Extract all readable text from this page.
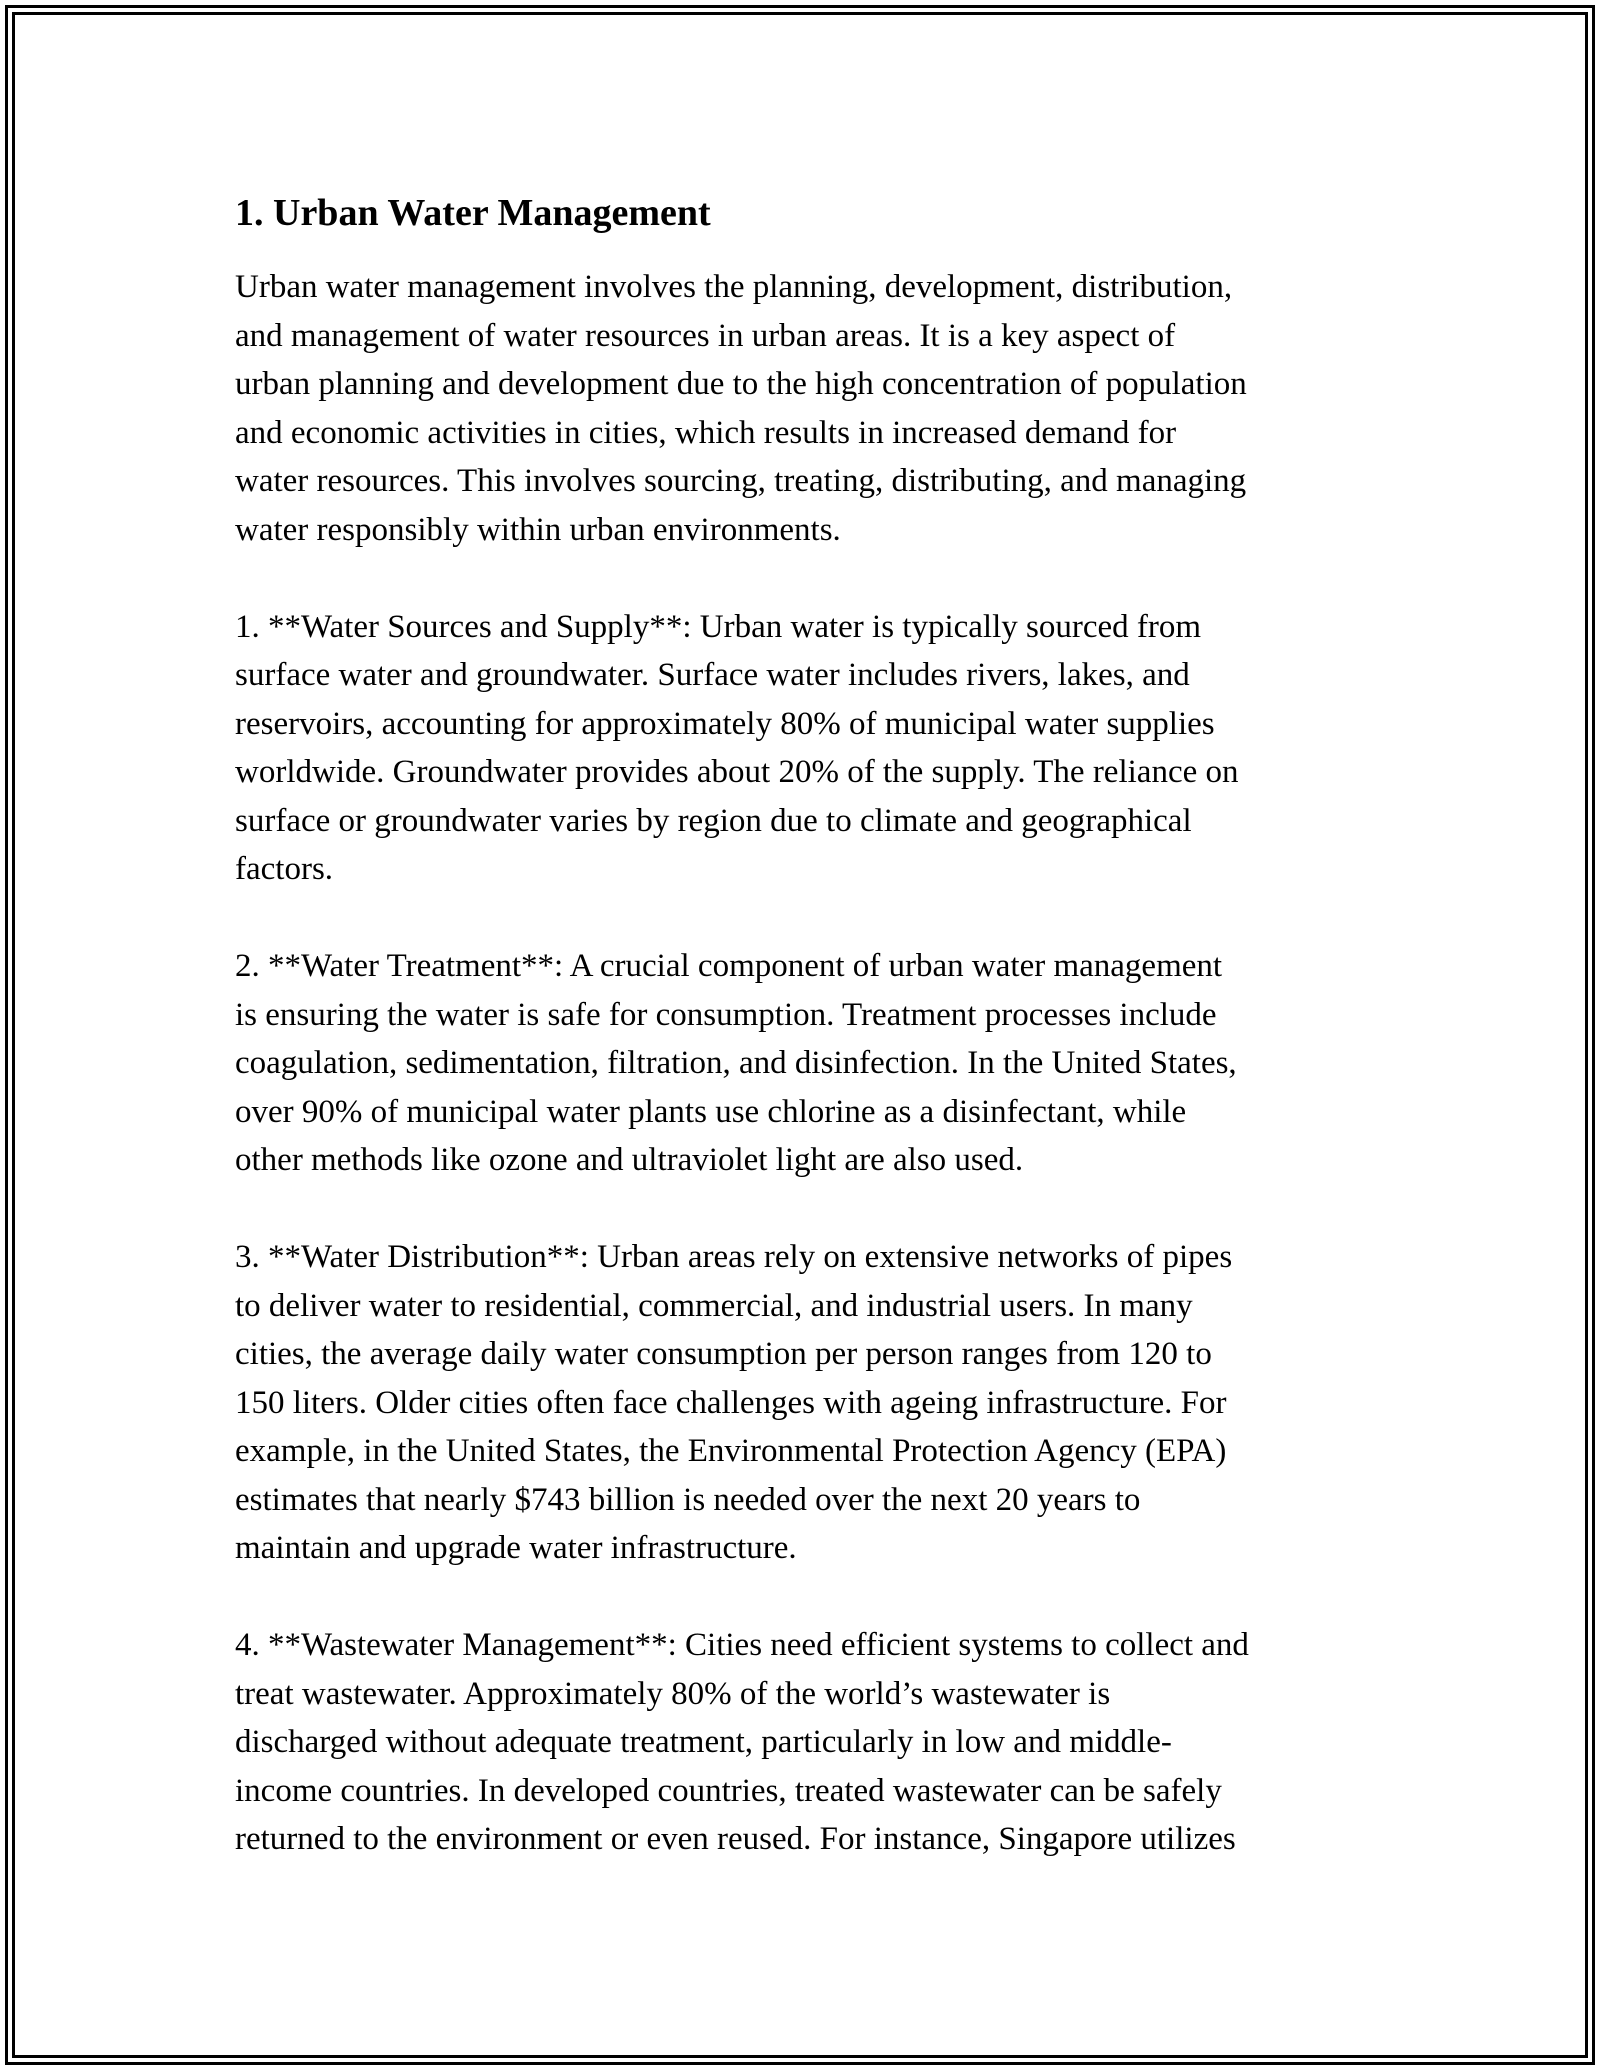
1. Urban Water Management

Urban water management involves the planning, development, distribution,
and management of water resources in urban areas. It is a key aspect of
urban planning and development due to the high concentration of population
and economic activities in cities, which results in increased demand for
water resources. This involves sourcing, treating, distributing, and managing
water responsibly within urban environments.

1. **Water Sources and Supply**: Urban water is typically sourced from
surface water and groundwater. Surface water includes rivers, lakes, and
reservoirs, accounting for approximately 80% of municipal water supplies
worldwide. Groundwater provides about 20% of the supply. The reliance on
surface or groundwater varies by region due to climate and geographical
factors.

2. **Water Treatment**: A crucial component of urban water management
is ensuring the water is safe for consumption. Treatment processes include
coagulation, sedimentation, filtration, and disinfection. In the United States,
over 90% of municipal water plants use chlorine as a disinfectant, while
other methods like ozone and ultraviolet light are also used.

3. **Water Distribution**: Urban areas rely on extensive networks of pipes
to deliver water to residential, commercial, and industrial users. In many
cities, the average daily water consumption per person ranges from 120 to
150 liters. Older cities often face challenges with ageing infrastructure. For
example, in the United States, the Environmental Protection Agency (EPA)
estimates that nearly $743 billion is needed over the next 20 years to
maintain and upgrade water infrastructure.

4. **Wastewater Management**: Cities need efficient systems to collect and
treat wastewater. Approximately 80% of the world’s wastewater is
discharged without adequate treatment, particularly in low and middle-
income countries. In developed countries, treated wastewater can be safely
returned to the environment or even reused. For instance, Singapore utilizes
